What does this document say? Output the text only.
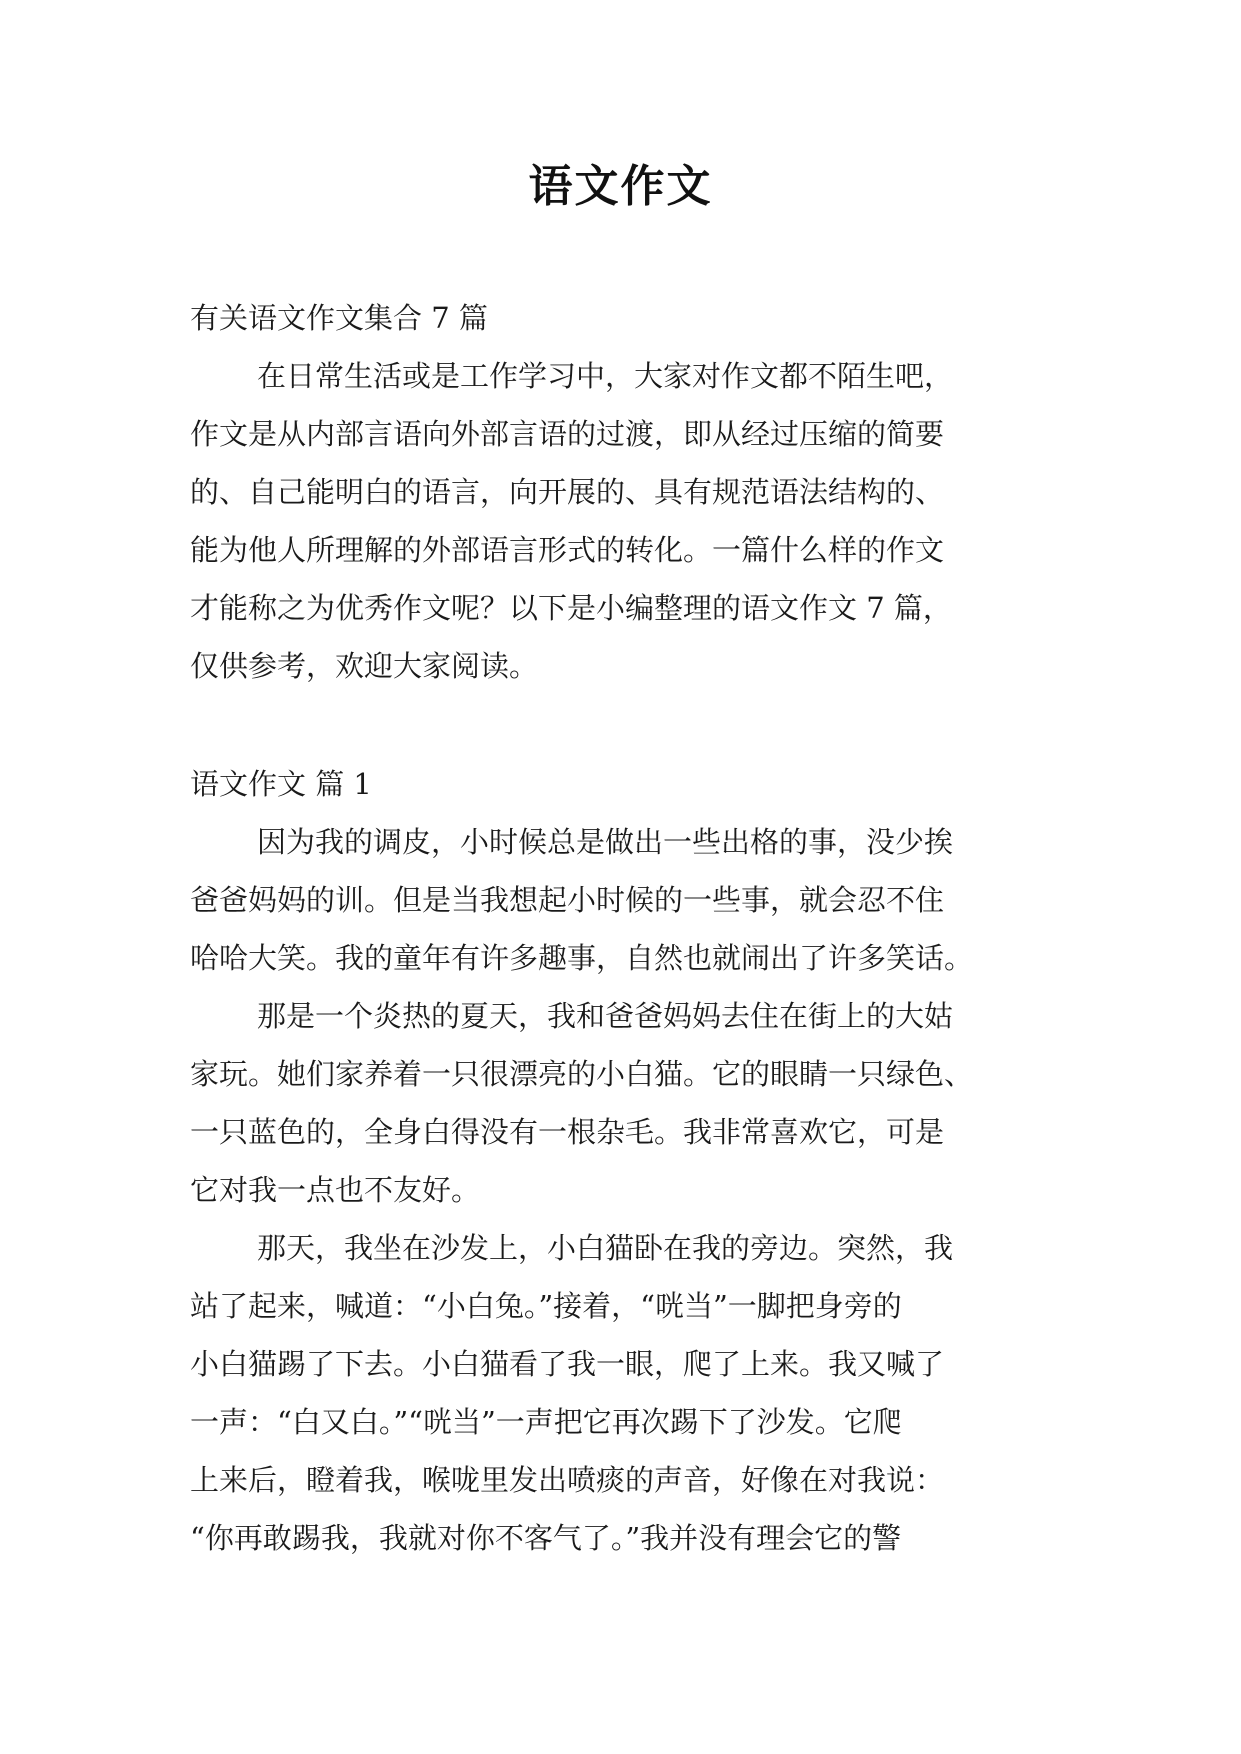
语文作文
有关语文作文集合 7 篇
在日常生活或是工作学习中，大家对作文都不陌生吧，
作文是从内部言语向外部言语的过渡，即从经过压缩的简要
的、自己能明白的语言，向开展的、具有规范语法结构的、
能为他人所理解的外部语言形式的转化。一篇什么样的作文
才能称之为优秀作文呢？以下是小编整理的语文作文 7 篇，
仅供参考，欢迎大家阅读。
语文作文 篇 1
因为我的调皮，小时候总是做出一些出格的事，没少挨
爸爸妈妈的训。但是当我想起小时候的一些事，就会忍不住
哈哈大笑。我的童年有许多趣事，自然也就闹出了许多笑话。
那是一个炎热的夏天，我和爸爸妈妈去住在街上的大姑
家玩。她们家养着一只很漂亮的小白猫。它的眼睛一只绿色、
一只蓝色的，全身白得没有一根杂毛。我非常喜欢它，可是
它对我一点也不友好。
那天，我坐在沙发上，小白猫卧在我的旁边。突然，我
站了起来，喊道：“小白兔。”接着，“咣当”一脚把身旁的
小白猫踢了下去。小白猫看了我一眼，爬了上来。我又喊了
一声：“白又白。”“咣当”一声把它再次踢下了沙发。它爬
上来后，瞪着我，喉咙里发出喷痰的声音，好像在对我说：
“你再敢踢我，我就对你不客气了。”我并没有理会它的警
